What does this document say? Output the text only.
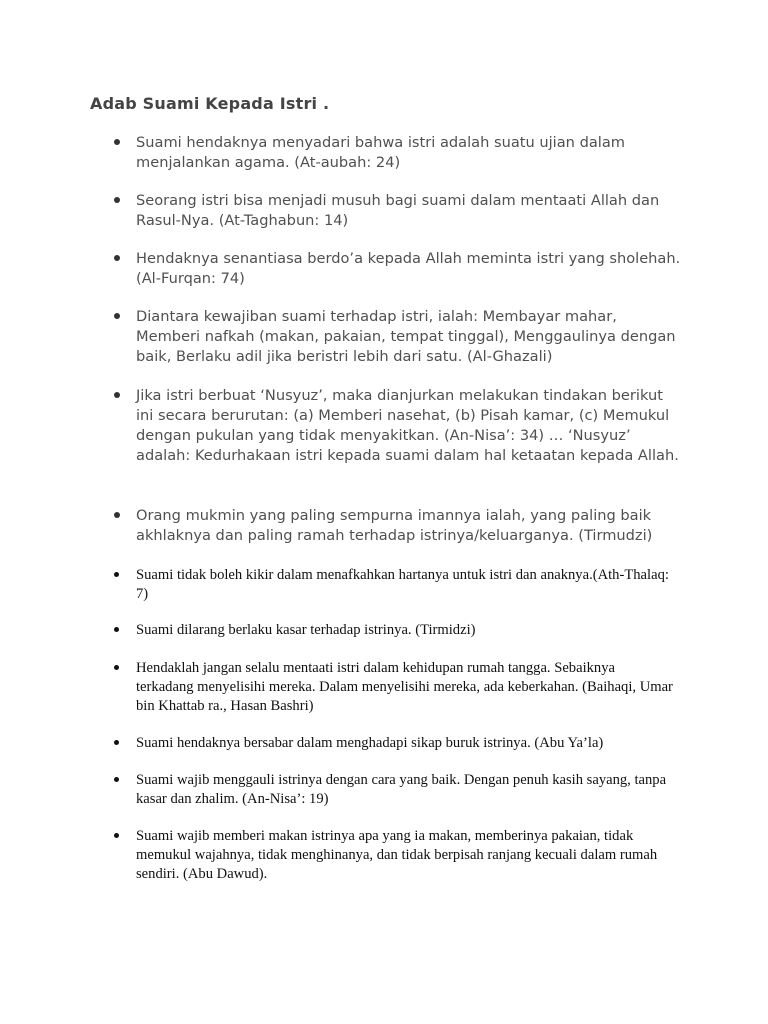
Adab Suami Kepada Istri .

Suami hendaknya menyadari bahwa istri adalah suatu ujian dalam menjalankan agama. (At-aubah: 24)

Seorang istri bisa menjadi musuh bagi suami dalam mentaati Allah dan Rasul-Nya. (At-Taghabun: 14)

Hendaknya senantiasa berdo’a kepada Allah meminta istri yang sholehah. (Al-Furqan: 74)

Diantara kewajiban suami terhadap istri, ialah: Membayar mahar, Memberi nafkah (makan, pakaian, tempat tinggal), Menggaulinya dengan baik, Berlaku adil jika beristri lebih dari satu. (Al-Ghazali)

Jika istri berbuat ‘Nusyuz’, maka dianjurkan melakukan tindakan berikut ini secara berurutan: (a) Memberi nasehat, (b) Pisah kamar, (c) Memukul dengan pukulan yang tidak menyakitkan. (An-Nisa’: 34) … ‘Nusyuz’ adalah: Kedurhakaan istri kepada suami dalam hal ketaatan kepada Allah.

Orang mukmin yang paling sempurna imannya ialah, yang paling baik akhlaknya dan paling ramah terhadap istrinya/keluarganya. (Tirmudzi)

Suami tidak boleh kikir dalam menafkahkan hartanya untuk istri dan anaknya.(Ath-Thalaq: 7)

Suami dilarang berlaku kasar terhadap istrinya. (Tirmidzi)

Hendaklah jangan selalu mentaati istri dalam kehidupan rumah tangga. Sebaiknya terkadang menyelisihi mereka. Dalam menyelisihi mereka, ada keberkahan. (Baihaqi, Umar bin Khattab ra., Hasan Bashri)

Suami hendaknya bersabar dalam menghadapi sikap buruk istrinya. (Abu Ya’la)

Suami wajib menggauli istrinya dengan cara yang baik. Dengan penuh kasih sayang, tanpa kasar dan zhalim. (An-Nisa’: 19)

Suami wajib memberi makan istrinya apa yang ia makan, memberinya pakaian, tidak memukul wajahnya, tidak menghinanya, dan tidak berpisah ranjang kecuali dalam rumah sendiri. (Abu Dawud).
